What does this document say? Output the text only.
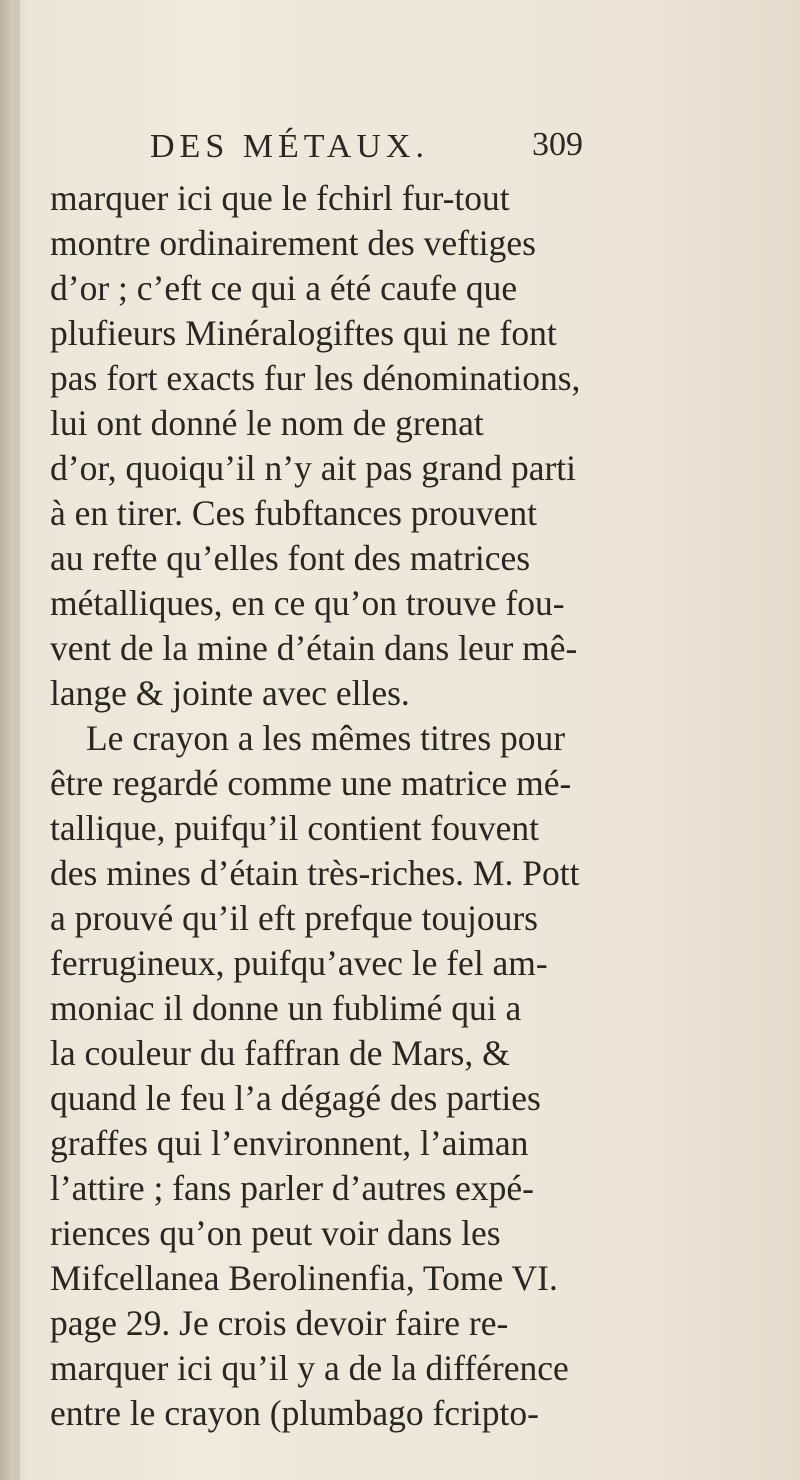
DES MÉTAUX.	309
marquer ici que le fchirl fur-tout
montre ordinairement des veftiges
d’or ; c’eft ce qui a été caufe que
plufieurs Minéralogiftes qui ne font
pas fort exacts fur les dénominations,
lui ont donné le nom de grenat
d’or, quoiqu’il n’y ait pas grand parti
à en tirer. Ces fubftances prouvent
au refte qu’elles font des matrices
métalliques, en ce qu’on trouve fou-
vent de la mine d’étain dans leur mê-
lange & jointe avec elles.
Le crayon a les mêmes titres pour
être regardé comme une matrice mé-
tallique, puifqu’il contient fouvent
des mines d’étain très-riches. M. Pott
a prouvé qu’il eft prefque toujours
ferrugineux, puifqu’avec le fel am-
moniac il donne un fublimé qui a
la couleur du faffran de Mars, &
quand le feu l’a dégagé des parties
graffes qui l’environnent, l’aiman
l’attire ; fans parler d’autres expé-
riences qu’on peut voir dans les
Mifcellanea Berolinenfia, Tome VI.
page 29. Je crois devoir faire re-
marquer ici qu’il y a de la différence
entre le crayon (plumbago fcripto-
